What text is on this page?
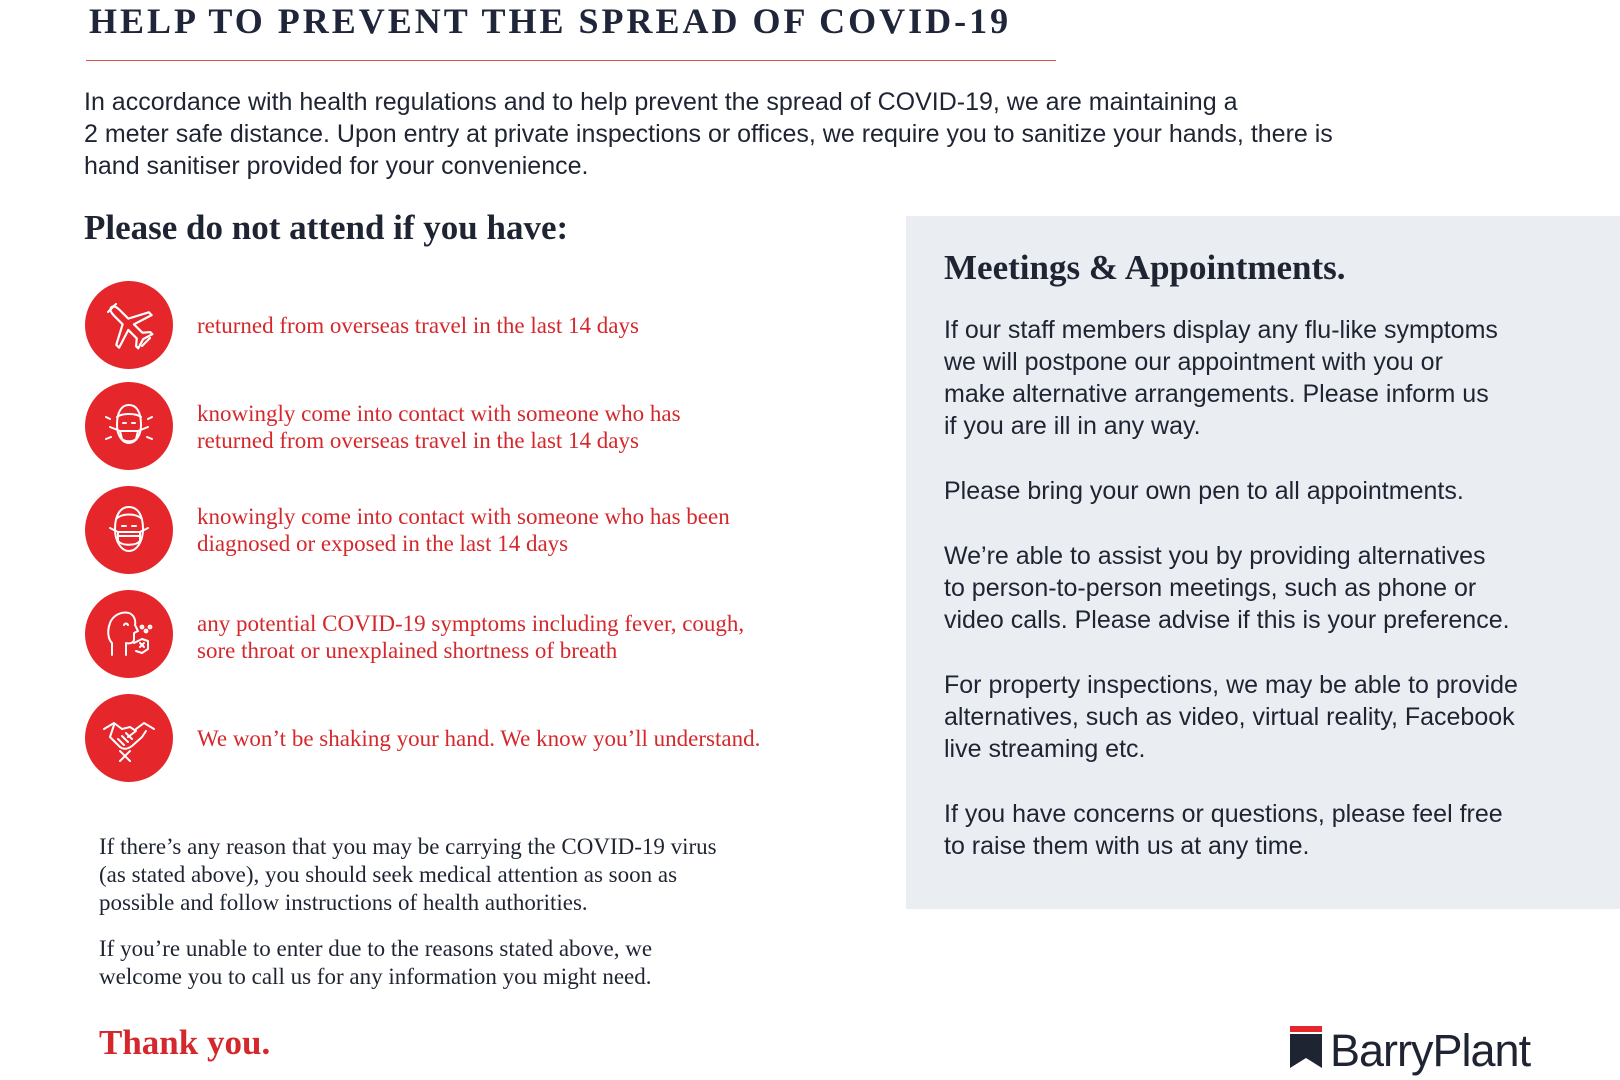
HELP TO PREVENT THE SPREAD OF COVID-19

In accordance with health regulations and to help prevent the spread of COVID-19, we are maintaining a
2 meter safe distance. Upon entry at private inspections or offices, we require you to sanitize your hands, there is
hand sanitiser provided for your convenience.

Please do not attend if you have:

returned from overseas travel in the last 14 days

knowingly come into contact with someone who has
returned from overseas travel in the last 14 days

knowingly come into contact with someone who has been
diagnosed or exposed in the last 14 days

any potential COVID-19 symptoms including fever, cough,
sore throat or unexplained shortness of breath

We won’t be shaking your hand. We know you’ll understand.

If there’s any reason that you may be carrying the COVID-19 virus
(as stated above), you should seek medical attention as soon as
possible and follow instructions of health authorities.

If you’re unable to enter due to the reasons stated above, we
welcome you to call us for any information you might need.

Thank you.

Meetings & Appointments.

If our staff members display any flu-like symptoms
we will postpone our appointment with you or
make alternative arrangements. Please inform us
if you are ill in any way.

Please bring your own pen to all appointments.

We’re able to assist you by providing alternatives
to person-to-person meetings, such as phone or
video calls. Please advise if this is your preference.

For property inspections, we may be able to provide
alternatives, such as video, virtual reality, Facebook
live streaming etc.

If you have concerns or questions, please feel free
to raise them with us at any time.

BarryPlant
